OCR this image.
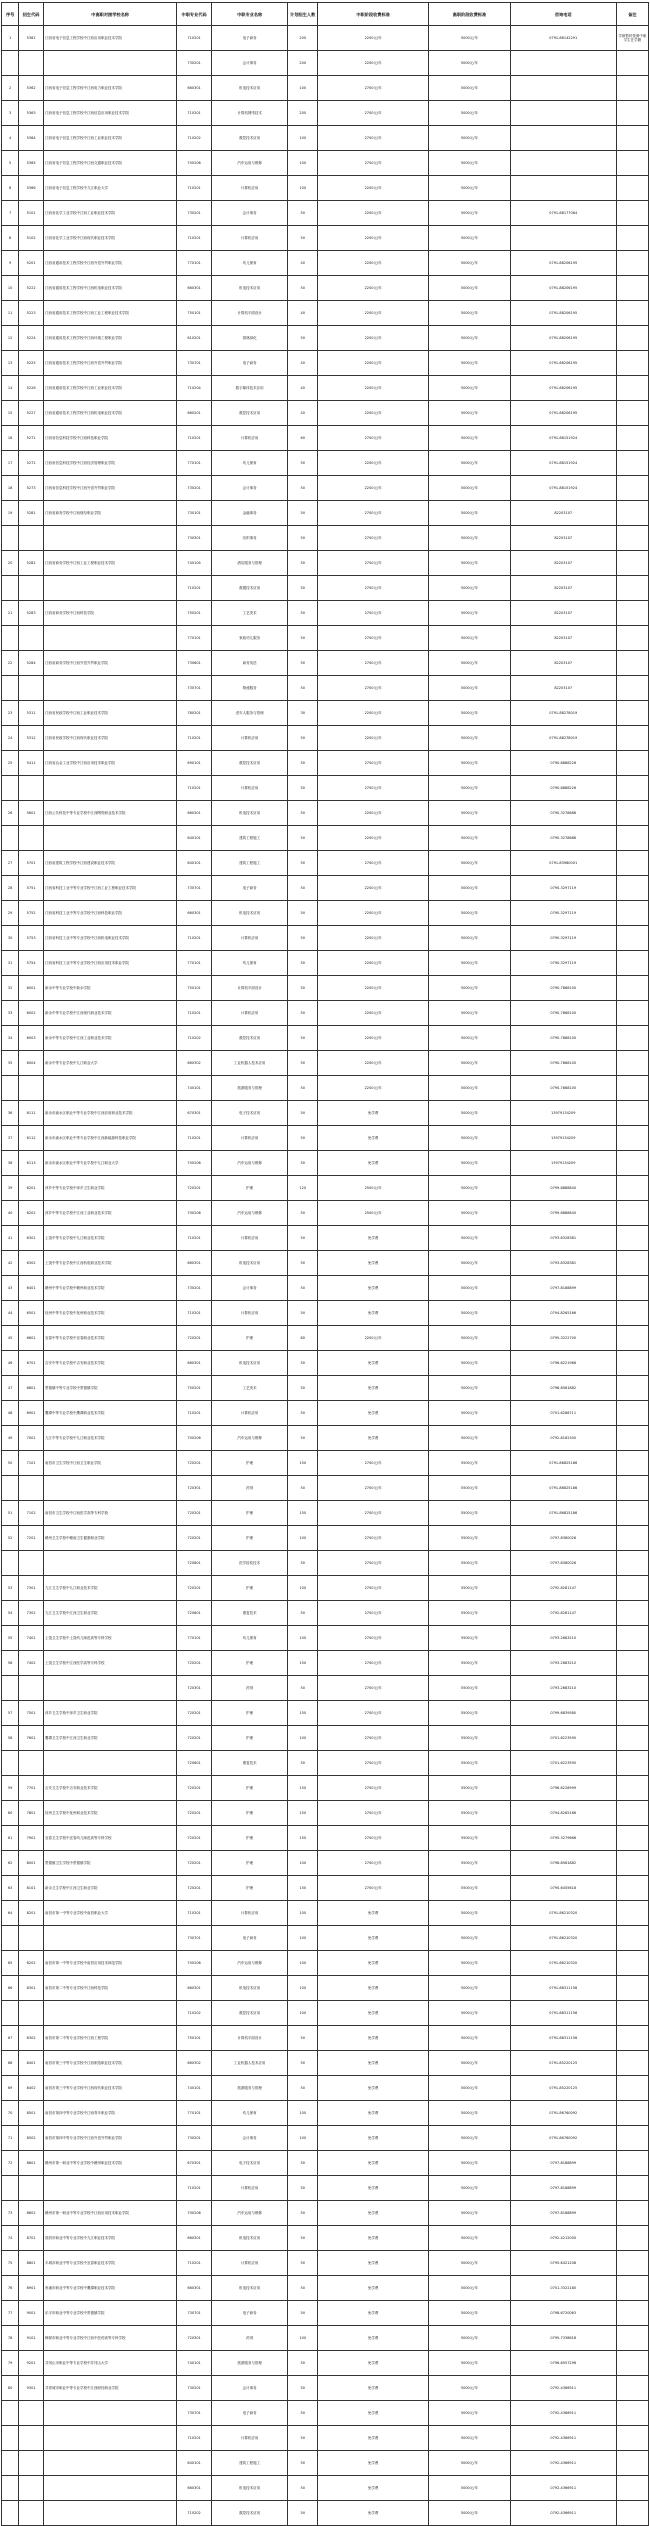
序号	招生代码	中高职对接学校名称	中职专业代码	中职专业名称	计划招生人数	中职阶段收费标准	高职阶段收费标准	咨询电话	备注
1	5361	江西省电子信息工程学校中江西应用职业技术学院	710201	电子商务	200	2200元/年	5000元/年	0791-86142291	学制暂时按照中职学生在学籍
			730201	会计事务	200	2200元/年	5000元/年		
2	5362	江西省电子信息工程学校中江西电力职业技术学院	660301	机电技术应用	100	2700元/年	5000元/年		
3	5363	江西省电子信息工程学校中江西信息应用职业技术学院	710201	计算机网络技术	200	2700元/年	5000元/年		
4	5364	江西省电子信息工程学校中江西工业职业技术学院	710202	数控技术应用	100	2700元/年	5000元/年		
5	5365	江西省电子信息工程学校中江西交通职业技术学院	700206	汽车运用与维修	100	2700元/年	5000元/年		
6	5366	江西省电子信息工程学校中九江职业大学	710201	计算机应用	100	2200元/年	5000元/年		
7	5101	江西省化学工业学校中江西工业职业技术学院	730201	会计事务	50	2200元/年	5000元/年	0791-88177064	
8	5102	江西省化学工业学校中江西现代职业技术学院	710201	计算机应用	50	2200元/年	5000元/年		
9	5201	江西省通用技术工程学校中江西外语外贸职业学院	770101	幼儿保育	40	2200元/年	5000元/年	0791-88206195	
10	5222	江西省通用技术工程学校中江西机电职业技术学院	660301	机电技术应用	50	2200元/年	5000元/年	0791-88206195	
11	5223	江西省通用技术工程学校中江西工业工程职业技术学院	750101	计算机平面设计	40	2200元/年	5000元/年	0791-88206195	
12	5224	江西省通用技术工程学校中江西环境工程职业学院	610201	园林绿化	50	2200元/年	5000元/年	0791-88206195	
13	5225	江西省通用技术工程学校中江西外语外贸职业学院	730701	电子商务	40	2200元/年	5000元/年	0791-88206195	
14	5226	江西省通用技术工程学校中江西工业职业技术学院	710204	数字媒体技术应用	40	2200元/年	5000元/年	0791-88206195	
15	5227	江西省通用技术工程学校中江西机电职业技术学院	660201	数控技术应用	40	2200元/年	5000元/年	0791-88206195	
16	5271	江西省信息科技学校中江西科技职业学院	710201	计算机应用	60	2700元/年	5000元/年	0791-88151924	
17	5272	江西省信息科技学校中江西经济管理职业学院	770101	幼儿保育	50	2200元/年	5000元/年	0791-88151924	
18	5273	江西省信息科技学校中江西外语外贸职业学院	730201	会计事务	50	2200元/年	5000元/年	0791-88151924	
19	5281	江西省商务学校中江西财经职业学院	730101	金融事务	50	2700元/年	5000元/年	82203107	
			730301	纺织事务	50	2700元/年	5000元/年	82203107	
20	5282	江西省商务学校中江西工业工程职业技术学院	740104	酒店服务与管理	50	2700元/年	5000元/年	82203107	
			710201	数据技术应用	50	2700元/年	5000元/年	82203107	
21	5283	江西省商务学校中江西科技学院	750201	工艺美术	50	2700元/年	5000元/年	82203107	
			770101	家政幼儿服务	50	2700元/年	5000元/年	82203107	
22	5284	江西省商务学校中江西外语外贸职业学院	730601	商务英语	50	2700元/年	5000元/年	82203107	
			730701	物流服务	50	2700元/年	5000元/年	82203107	
23	5311	江西省民政学校中江西工业职业技术学院	780201	老年人服务与管理	30	2200元/年	5000元/年	0791-88278019	
24	5312	江西省民政学校中江西现代职业技术学院	710201	计算机应用	50	2200元/年	5000元/年	0791-88278019	
25	5411	江西省冶金工业学校中江西应用技术职业学院	690101	数控技术应用	50	2700元/年	5000元/年	0790-6888226	
			710201	计算机应用	50	2700元/年	5000元/年	0790-6888226	
26	5601	江西公共科技中等专业学校中江西陶瓷职业技术学院	660301	机电技术应用	50	2200元/年	5000元/年	0790-3278686	
			640101	建筑工程施工	50	2200元/年	5000元/年	0790-3278686	
27	5701	江西省建筑工程学校中江西建设职业技术学院	640101	建筑工程施工	50	2700元/年	5000元/年	0791-83980001	
28	5751	江西省科技工业中等专业学校中江西工业工程职业技术学院	730701	电子商务	50	2200元/年	5000元/年	0790-3297119	
29	5752	江西省科技工业中等专业学校中江西科技职业学院	660301	机电技术应用	50	2200元/年	5000元/年	0790-3297119	
30	5753	江西省科技工业中等专业学校中江西机电职业技术学院	710201	计算机应用	50	2200元/年	5000元/年	0790-3297119	
31	5754	江西省科技工业中等专业学校中江西应用技术职业学院	770101	幼儿保育	50	2200元/年	5000元/年	0790-3297119	
32	6001	新余中等专业学校中新余学院	750101	计算机平面设计	50	2200元/年	5000元/年	0790-7868100	
33	6002	新余中等专业学校中江西现代职业技术学院	710201	计算机应用	50	2200元/年	5000元/年	0790-7868100	
34	6003	新余中等专业学校中江西工业职业技术学院	710202	数控技术应用	50	2200元/年	5000元/年	0790-7868100	
35	6004	新余中等专业学校中九江职业大学	660302	工业机器人技术应用	50	2200元/年	5000元/年	0790-7868100	
			740101	旅游服务与管理	50	2200元/年	5000元/年	0790-7868100	
36	6111	新余市渝水区职业中等专业学校中江西应用职业技术学院	670301	电子技术应用	50	免学费	5000元/年	13979134209	
37	6112	新余市渝水区职业中等专业学校中江西新能源科技职业学院	710201	计算机应用	50	免学费	5000元/年	13979134209	
38	6113	新余市渝水区职业中等专业学校中九江职业大学	700206	汽车运用与维修	50	免学费	5000元/年	13979134209	
39	6201	萍乡中等专业学校中萍乡卫生职业学院	720201	护理	120	2500元/年	5000元/年	0799-6888840	
40	6202	萍乡中等专业学校中江西工业职业技术学院	700206	汽车运用与维修	50	2500元/年	5000元/年	0799-6888840	
41	6301	上饶中等专业学校中九江职业技术学院	710201	计算机应用	50	免学费	5000元/年	0793-8328381	
42	6302	上饶中等专业学校中江西机电职业技术学院	660301	机电技术应用	50	免学费	5000元/年	0793-8328381	
43	6401	赣州中等专业学校中赣州职业技术学院	730201	会计事务	50	免学费	5000元/年	0797-8188899	
44	6501	抚州中等专业学校中抚州职业技术学院	710201	计算机应用	50	免学费	5000元/年	0794-8265166	
45	6601	宜春中等专业学校中宜春职业技术学院	720201	护理	80	2200元/年	5000元/年	0795-3222700	
46	6701	吉安中等专业学校中吉安职业技术学院	660301	机电技术应用	50	免学费	5000元/年	0796-8221966	
47	6801	景德镇中等专业学校中景德镇学院	750201	工艺美术	50	免学费	5000元/年	0798-8561882	
48	6901	鹰潭中等专业学校中鹰潭职业技术学院	710201	计算机应用	50	免学费	5000元/年	0701-6288711	
49	7001	九江中等专业学校中九江职业技术学院	700206	汽车运用与维修	50	免学费	5000元/年	0792-8182300	
50	7101	南昌市卫生学校中江西卫生职业学院	720201	护理	150	2700元/年	5500元/年	0791-86825186	
			720301	药剂	50	2700元/年	5500元/年	0791-86825186	
51	7102	南昌市卫生学校中江西医学高等专科学校	720201	护理	150	2700元/年	5500元/年	0791-86825186	
52	7201	赣州卫生学校中赣南卫生健康职业学院	720201	护理	100	2700元/年	5500元/年	0797-8380026	
			720801	医学检验技术	50	2700元/年	5500元/年	0797-8380026	
53	7301	九江卫生学校中九江职业技术学院	720201	护理	100	2700元/年	5500元/年	0792-8281147	
54	7302	九江卫生学校中江西卫生职业学院	720601	康复技术	50	2700元/年	5500元/年	0792-8281147	
55	7401	上饶卫生学校中上饶幼儿师范高等专科学校	770101	幼儿保育	100	2700元/年	5500元/年	0793-2683210	
56	7402	上饶卫生学校中江西医学高等专科学校	720201	护理	150	2700元/年	5500元/年	0793-2683210	
			720301	药剂	50	2700元/年	5500元/年	0793-2683210	
57	7501	萍乡卫生学校中萍乡卫生职业学院	720201	护理	150	2700元/年	5500元/年	0799-6839580	
58	7601	鹰潭卫生学校中江西卫生职业学院	720201	护理	100	2700元/年	5500元/年	0701-6223590	
			720601	康复技术	50	2700元/年	5500元/年	0701-6223590	
59	7701	吉安卫生学校中吉安职业技术学院	720201	护理	150	2700元/年	5500元/年	0796-8228999	
60	7801	抚州卫生学校中抚州职业技术学院	720201	护理	150	2700元/年	5500元/年	0794-8265166	
61	7901	宜春卫生学校中宜春幼儿师范高等专科学校	720201	护理	150	2700元/年	5500元/年	0795-3279666	
62	8001	景德镇卫生学校中景德镇学院	720201	护理	100	2700元/年	5500元/年	0798-8561882	
63	8101	新余卫生学校中江西卫生职业学院	720201	护理	150	2700元/年	5500元/年	0790-6455618	
64	8201	南昌市第一中等专业学校中南昌职业大学	710201	计算机应用	100	免学费	5000元/年	0791-86210320	
			730701	电子商务	100	免学费	5000元/年	0791-86210320	
65	8202	南昌市第一中等专业学校中南昌应用技术师范学院	700206	汽车运用与维修	100	免学费	5000元/年	0791-86210320	
66	8301	南昌市第二中等专业学校中江西科技学院	660301	机电技术应用	100	免学费	5000元/年	0791-88311156	
			710202	数控技术应用	100	免学费	5000元/年	0791-88311156	
67	8302	南昌市第二中等专业学校中江西工程学院	750101	计算机平面设计	50	免学费	5000元/年	0791-88311156	
68	8401	南昌市第三中等专业学校中江西制造职业技术学院	660302	工业机器人技术应用	50	免学费	5000元/年	0791-85220125	
69	8402	南昌市第三中等专业学校中江西现代职业技术学院	740101	旅游服务与管理	50	免学费	5000元/年	0791-85220125	
70	8501	南昌市第四中等专业学校中江西青年职业学院	770101	幼儿保育	100	免学费	5000元/年	0791-86760092	
71	8502	南昌市第四中等专业学校中江西外语外贸职业学院	730201	会计事务	100	免学费	5000元/年	0791-86760092	
72	8601	赣州市第一职业中等专业学校中赣州职业技术学院	670301	电子技术应用	50	免学费	5000元/年	0797-8188899	
			710201	计算机应用	50	免学费	5000元/年	0797-8188899	
73	8602	赣州市第一职业中等专业学校中江西应用技术职业学院	700206	汽车运用与维修	50	免学费	5000元/年	0797-8188899	
74	8701	瑞昌市职业中等专业学校中九江职业技术学院	660301	机电技术应用	50	免学费	5000元/年	0792-4212000	
75	8801	丰城市职业中等专业学校中宜春职业技术学院	710201	计算机应用	50	免学费	5000元/年	0795-6421208	
76	8901	贵溪市职业中等专业学校中鹰潭职业技术学院	660301	机电技术应用	50	免学费	5000元/年	0701-3322180	
77	9001	乐平市职业中等专业学校中景德镇学院	730701	电子商务	50	免学费	5000元/年	0798-6720063	
78	9101	樟树市职业中等专业学校中江西中医药高等专科学校	720301	药剂	100	免学费	5000元/年	0795-7338618	
79	9201	井冈山市职业中等专业学校中井冈山大学	740101	旅游服务与管理	50	免学费	5000元/年	0796-6557296	
80	9301	共青城市职业中等专业学校中江西财经职业学院	730201	会计事务	50	免学费	5000元/年	0792-4366911	
			730701	电子商务	50	免学费	5000元/年	0792-4366911	
			710201	计算机应用	50	免学费	5000元/年	0792-4366911	
			640101	建筑工程施工	50	免学费	5000元/年	0792-4366911	
			660301	机电技术应用	50	免学费	5000元/年	0792-4366911	
			710202	数控技术应用	50	免学费	5000元/年	0792-4366911	
